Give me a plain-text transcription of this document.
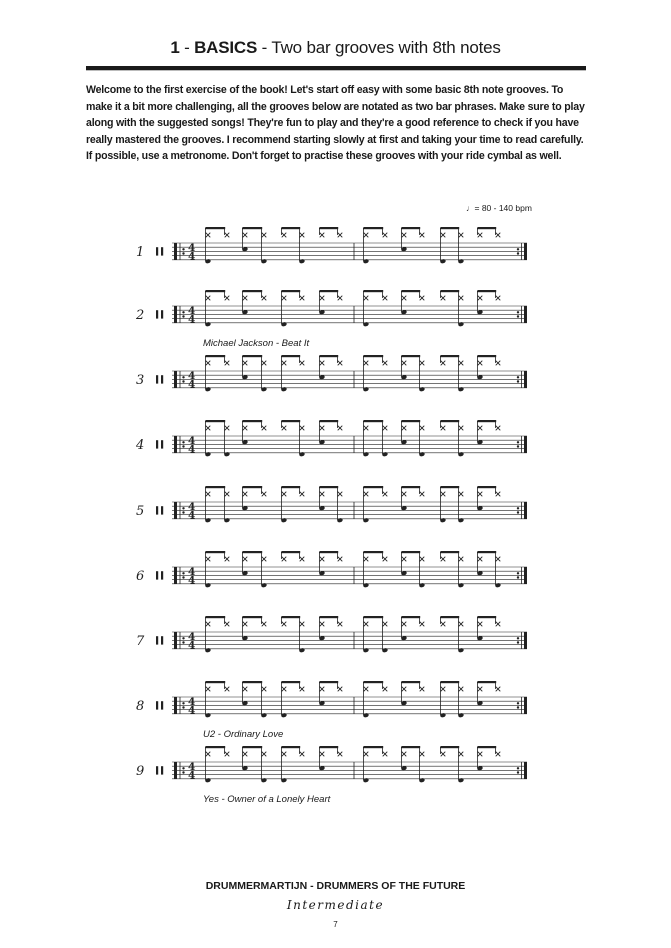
1 - BASICS - Two bar grooves with 8th notes

Welcome to the first exercise of the book! Let's start off easy with some basic 8th note grooves. To make it a bit more challenging, all the grooves below are notated as two bar phrases. Make sure to play along with the suggested songs! They're fun to play and they're a good reference to check if you have really mastered the grooves. I recommend starting slowly at first and taking your time to read carefully. If possible, use a metronome. Don't forget to practise these grooves with your ride cymbal as well.

♩= 80 - 140 bpm
1	4
4
2	4
4
3	4
4
4	4
4
5	4
4
6	4
4
7	4
4
8	4
4
9	4
4
Michael Jackson - Beat It
U2 - Ordinary Love
Yes - Owner of a Lonely Heart
DRUMMERMARTIJN - DRUMMERS OF THE FUTURE
Intermediate
7
